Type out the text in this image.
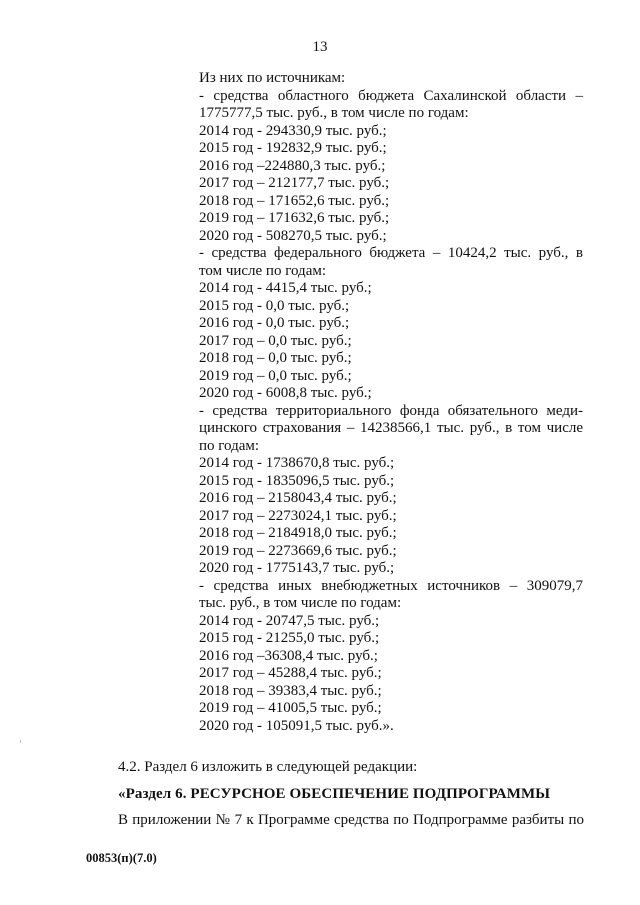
13
Из них по источникам:
- средства областного бюджета Сахалинской области –
1775777,5 тыс. руб., в том числе по годам:
2014 год - 294330,9 тыс. руб.;
2015 год - 192832,9 тыс. руб.;
2016 год –224880,3 тыс. руб.;
2017 год – 212177,7 тыс. руб.;
2018 год – 171652,6 тыс. руб.;
2019 год – 171632,6 тыс. руб.;
2020 год - 508270,5 тыс. руб.;
- средства федерального бюджета – 10424,2 тыс. руб., в
том числе по годам:
2014 год - 4415,4 тыс. руб.;
2015 год - 0,0 тыс. руб.;
2016 год - 0,0 тыс. руб.;
2017 год – 0,0 тыс. руб.;
2018 год – 0,0 тыс. руб.;
2019 год – 0,0 тыс. руб.;
2020 год - 6008,8 тыс. руб.;
- средства территориального фонда обязательного меди-
цинского страхования – 14238566,1 тыс. руб., в том числе
по годам:
2014 год - 1738670,8 тыс. руб.;
2015 год - 1835096,5 тыс. руб.;
2016 год – 2158043,4 тыс. руб.;
2017 год – 2273024,1 тыс. руб.;
2018 год – 2184918,0 тыс. руб.;
2019 год – 2273669,6 тыс. руб.;
2020 год - 1775143,7 тыс. руб.;
- средства иных внебюджетных источников – 309079,7
тыс. руб., в том числе по годам:
2014 год - 20747,5 тыс. руб.;
2015 год - 21255,0 тыс. руб.;
2016 год –36308,4 тыс. руб.;
2017 год – 45288,4 тыс. руб.;
2018 год – 39383,4 тыс. руб.;
2019 год – 41005,5 тыс. руб.;
2020 год - 105091,5 тыс. руб.».
4.2. Раздел 6 изложить в следующей редакции:
«Раздел 6. РЕСУРСНОЕ ОБЕСПЕЧЕНИЕ ПОДПРОГРАММЫ
В приложении № 7 к Программе средства по Подпрограмме разбиты по
00853(п)(7.0)
